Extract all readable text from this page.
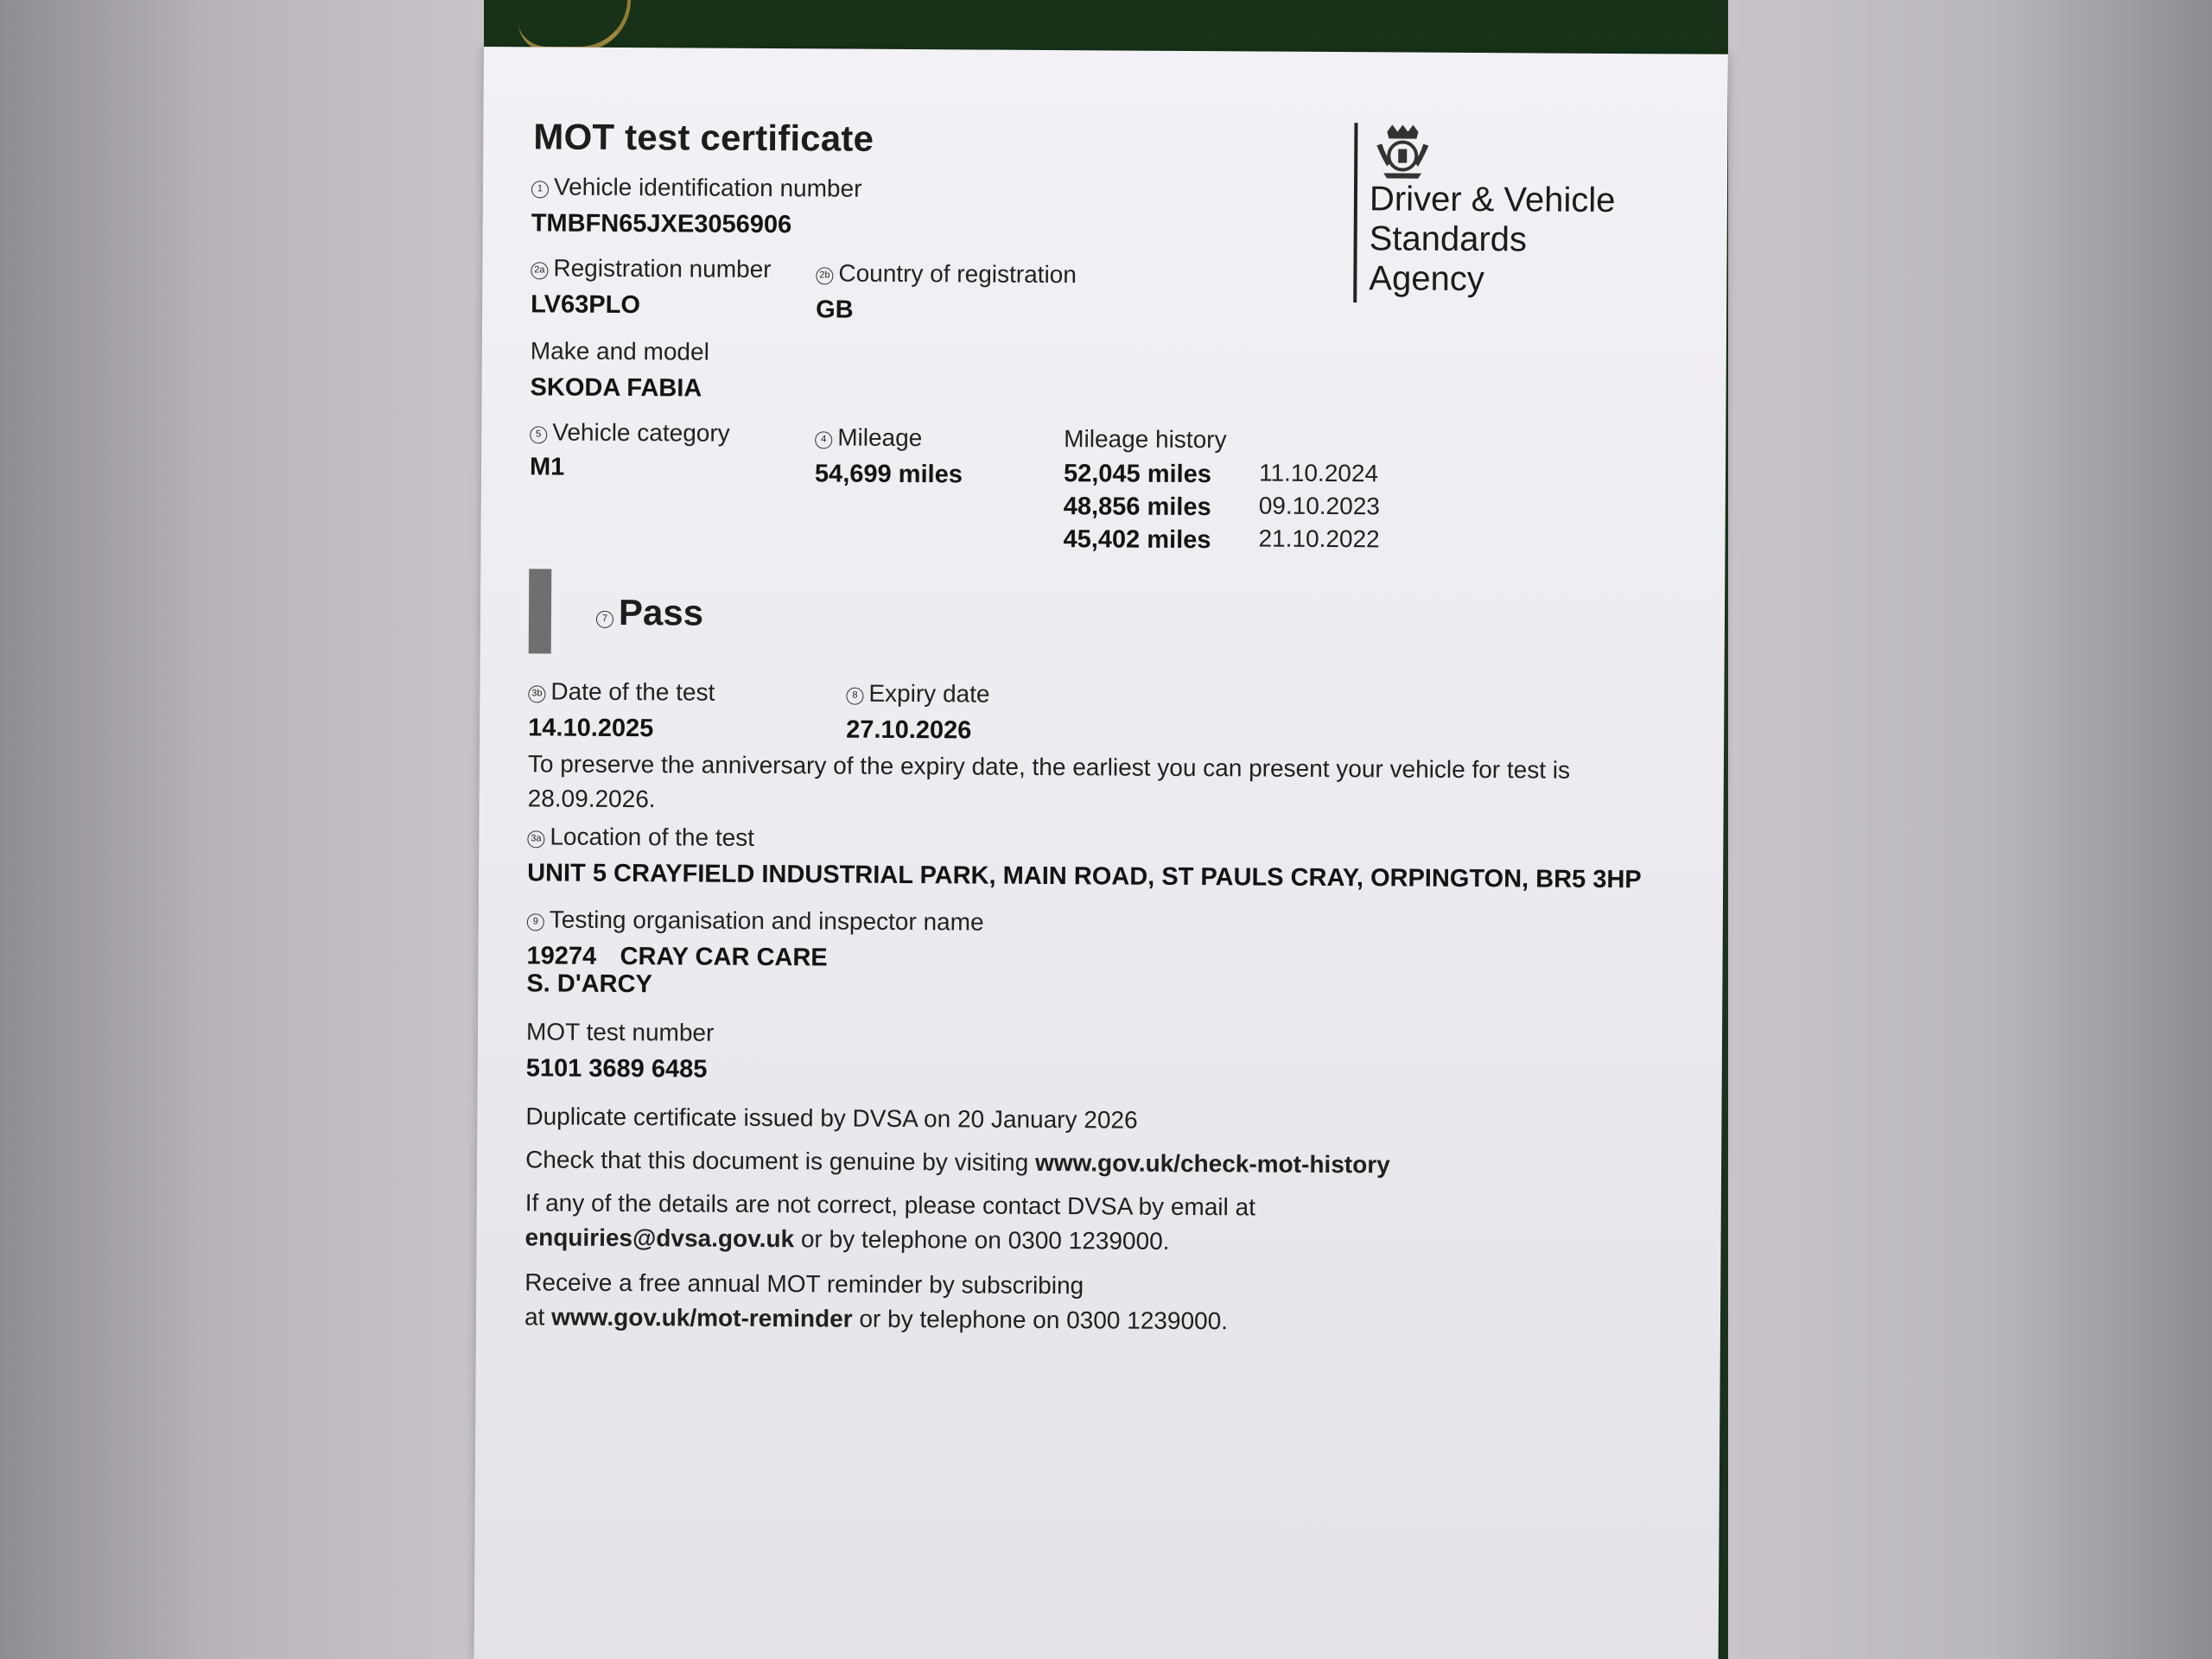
MOT test certificate
Driver & Vehicle
Standards
Agency
1 Vehicle identification number
TMBFN65JXE3056906
2a Registration number
LV63PLO
2b Country of registration
GB
Make and model
SKODA FABIA
5 Vehicle category
M1
4 Mileage
54,699 miles
Mileage history
52,045 miles 11.10.2024
48,856 miles 09.10.2023
45,402 miles 21.10.2022
7 Pass
3b Date of the test
14.10.2025
8 Expiry date
27.10.2026
To preserve the anniversary of the expiry date, the earliest you can present your vehicle for test is 28.09.2026.
3a Location of the test
UNIT 5 CRAYFIELD INDUSTRIAL PARK, MAIN ROAD, ST PAULS CRAY, ORPINGTON, BR5 3HP
9 Testing organisation and inspector name
19274 CRAY CAR CARE
S. D'ARCY
MOT test number
5101 3689 6485
Duplicate certificate issued by DVSA on 20 January 2026
Check that this document is genuine by visiting www.gov.uk/check-mot-history
If any of the details are not correct, please contact DVSA by email at
enquiries@dvsa.gov.uk or by telephone on 0300 1239000.
Receive a free annual MOT reminder by subscribing
at www.gov.uk/mot-reminder or by telephone on 0300 1239000.
